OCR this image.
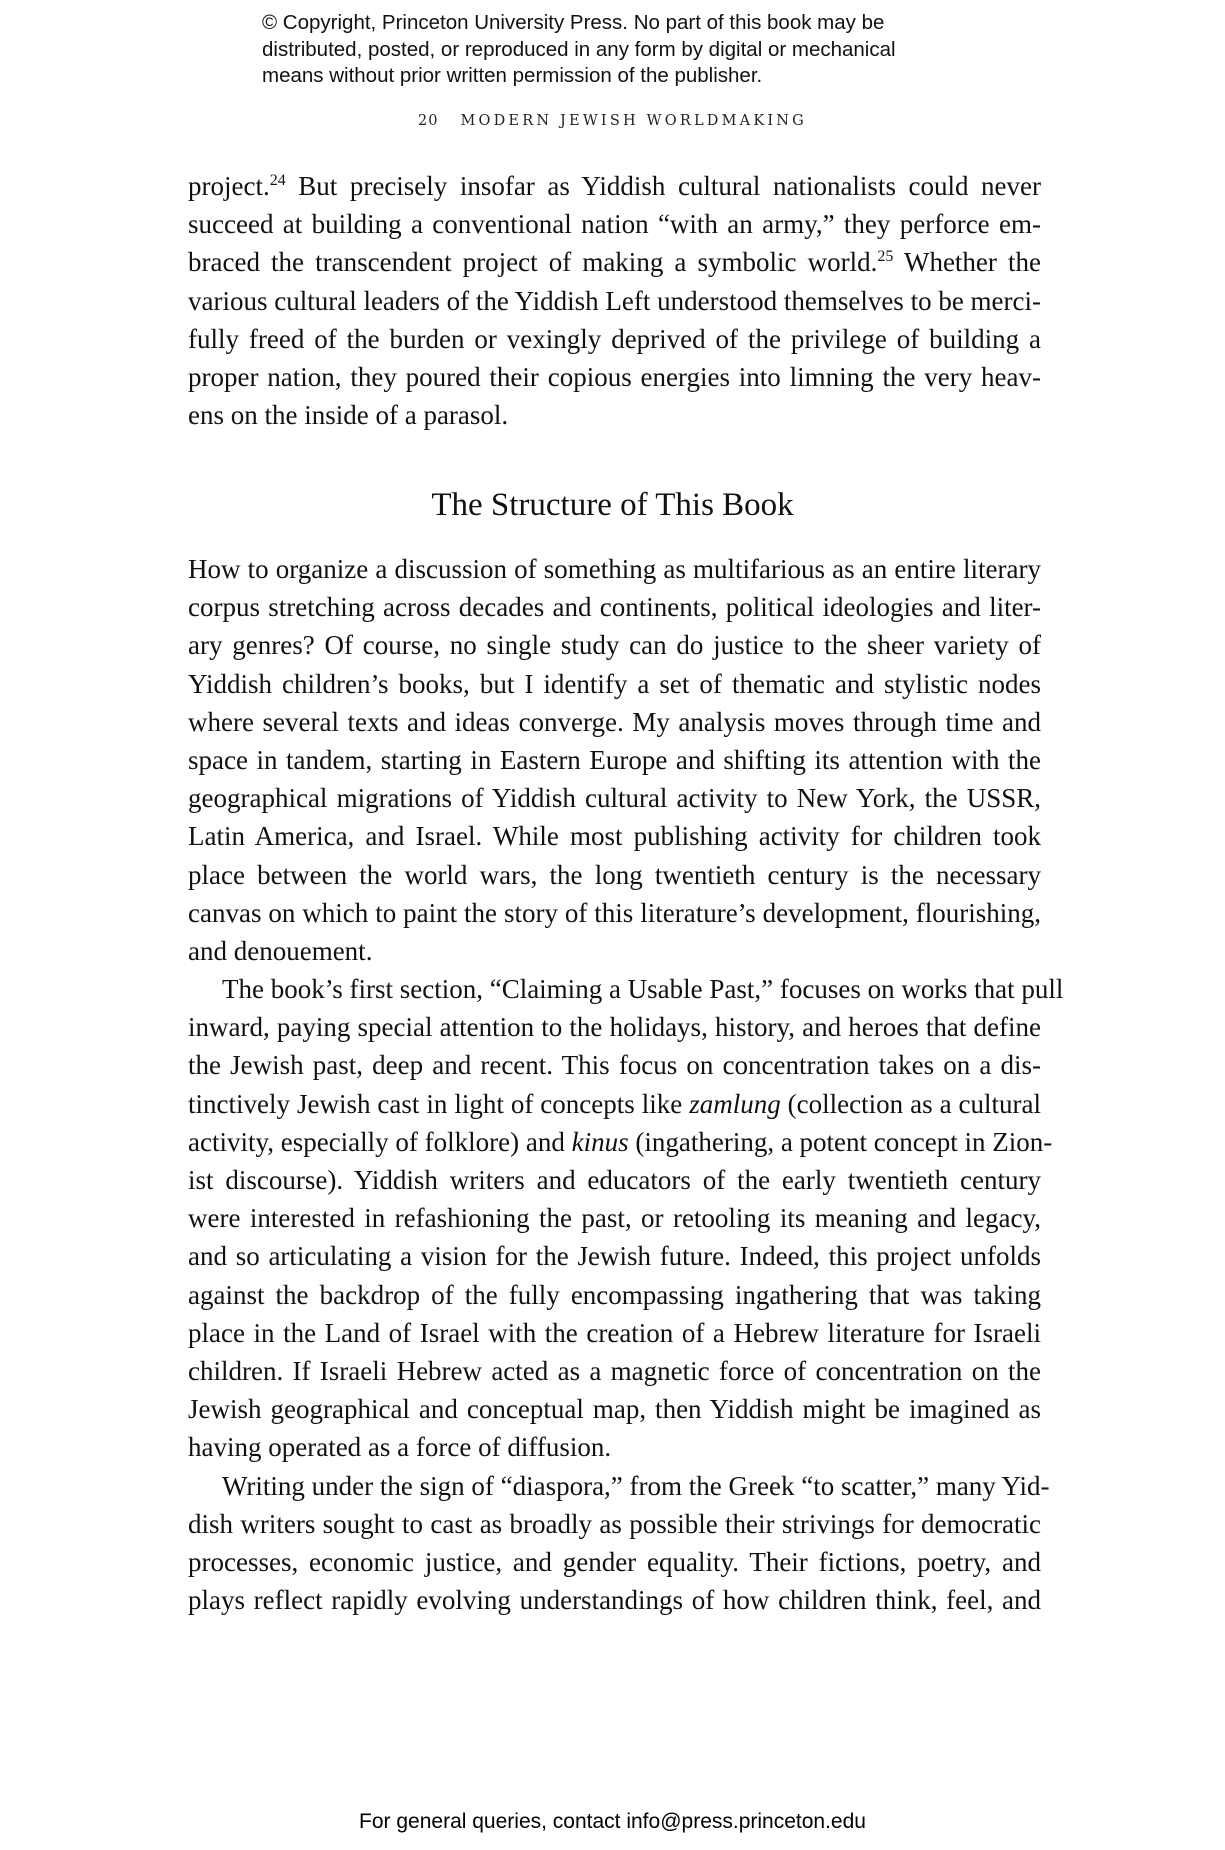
© Copyright, Princeton University Press. No part of this book may be
distributed, posted, or reproduced in any form by digital or mechanical
means without prior written permission of the publisher.
20 MODERN JEWISH WORLDMAKING
project.$^{24}$ But precisely insofar as Yiddish cultural nationalists could never
succeed at building a conventional nation “with an army,” they perforce em-
braced the transcendent project of making a symbolic world.$^{25}$ Whether the
various cultural leaders of the Yiddish Left understood themselves to be merci-
fully freed of the burden or vexingly deprived of the privilege of building a
proper nation, they poured their copious energies into limning the very heav-
ens on the inside of a parasol.
The Structure of This Book
How to organize a discussion of something as multifarious as an entire literary
corpus stretching across decades and continents, political ideologies and liter-
ary genres? Of course, no single study can do justice to the sheer variety of
Yiddish children’s books, but I identify a set of thematic and stylistic nodes
where several texts and ideas converge. My analysis moves through time and
space in tandem, starting in Eastern Europe and shifting its attention with the
geographical migrations of Yiddish cultural activity to New York, the USSR,
Latin America, and Israel. While most publishing activity for children took
place between the world wars, the long twentieth century is the necessary
canvas on which to paint the story of this literature’s development, flourishing,
and denouement.
The book’s first section, “Claiming a Usable Past,” focuses on works that pull
inward, paying special attention to the holidays, history, and heroes that define
the Jewish past, deep and recent. This focus on concentration takes on a dis-
tinctively Jewish cast in light of concepts like zamlung (collection as a cultural
activity, especially of folklore) and kinus (ingathering, a potent concept in Zion-
ist discourse). Yiddish writers and educators of the early twentieth century
were interested in refashioning the past, or retooling its meaning and legacy,
and so articulating a vision for the Jewish future. Indeed, this project unfolds
against the backdrop of the fully encompassing ingathering that was taking
place in the Land of Israel with the creation of a Hebrew literature for Israeli
children. If Israeli Hebrew acted as a magnetic force of concentration on the
Jewish geographical and conceptual map, then Yiddish might be imagined as
having operated as a force of diffusion.
Writing under the sign of “diaspora,” from the Greek “to scatter,” many Yid-
dish writers sought to cast as broadly as possible their strivings for democratic
processes, economic justice, and gender equality. Their fictions, poetry, and
plays reflect rapidly evolving understandings of how children think, feel, and
For general queries, contact info@press.princeton.edu
